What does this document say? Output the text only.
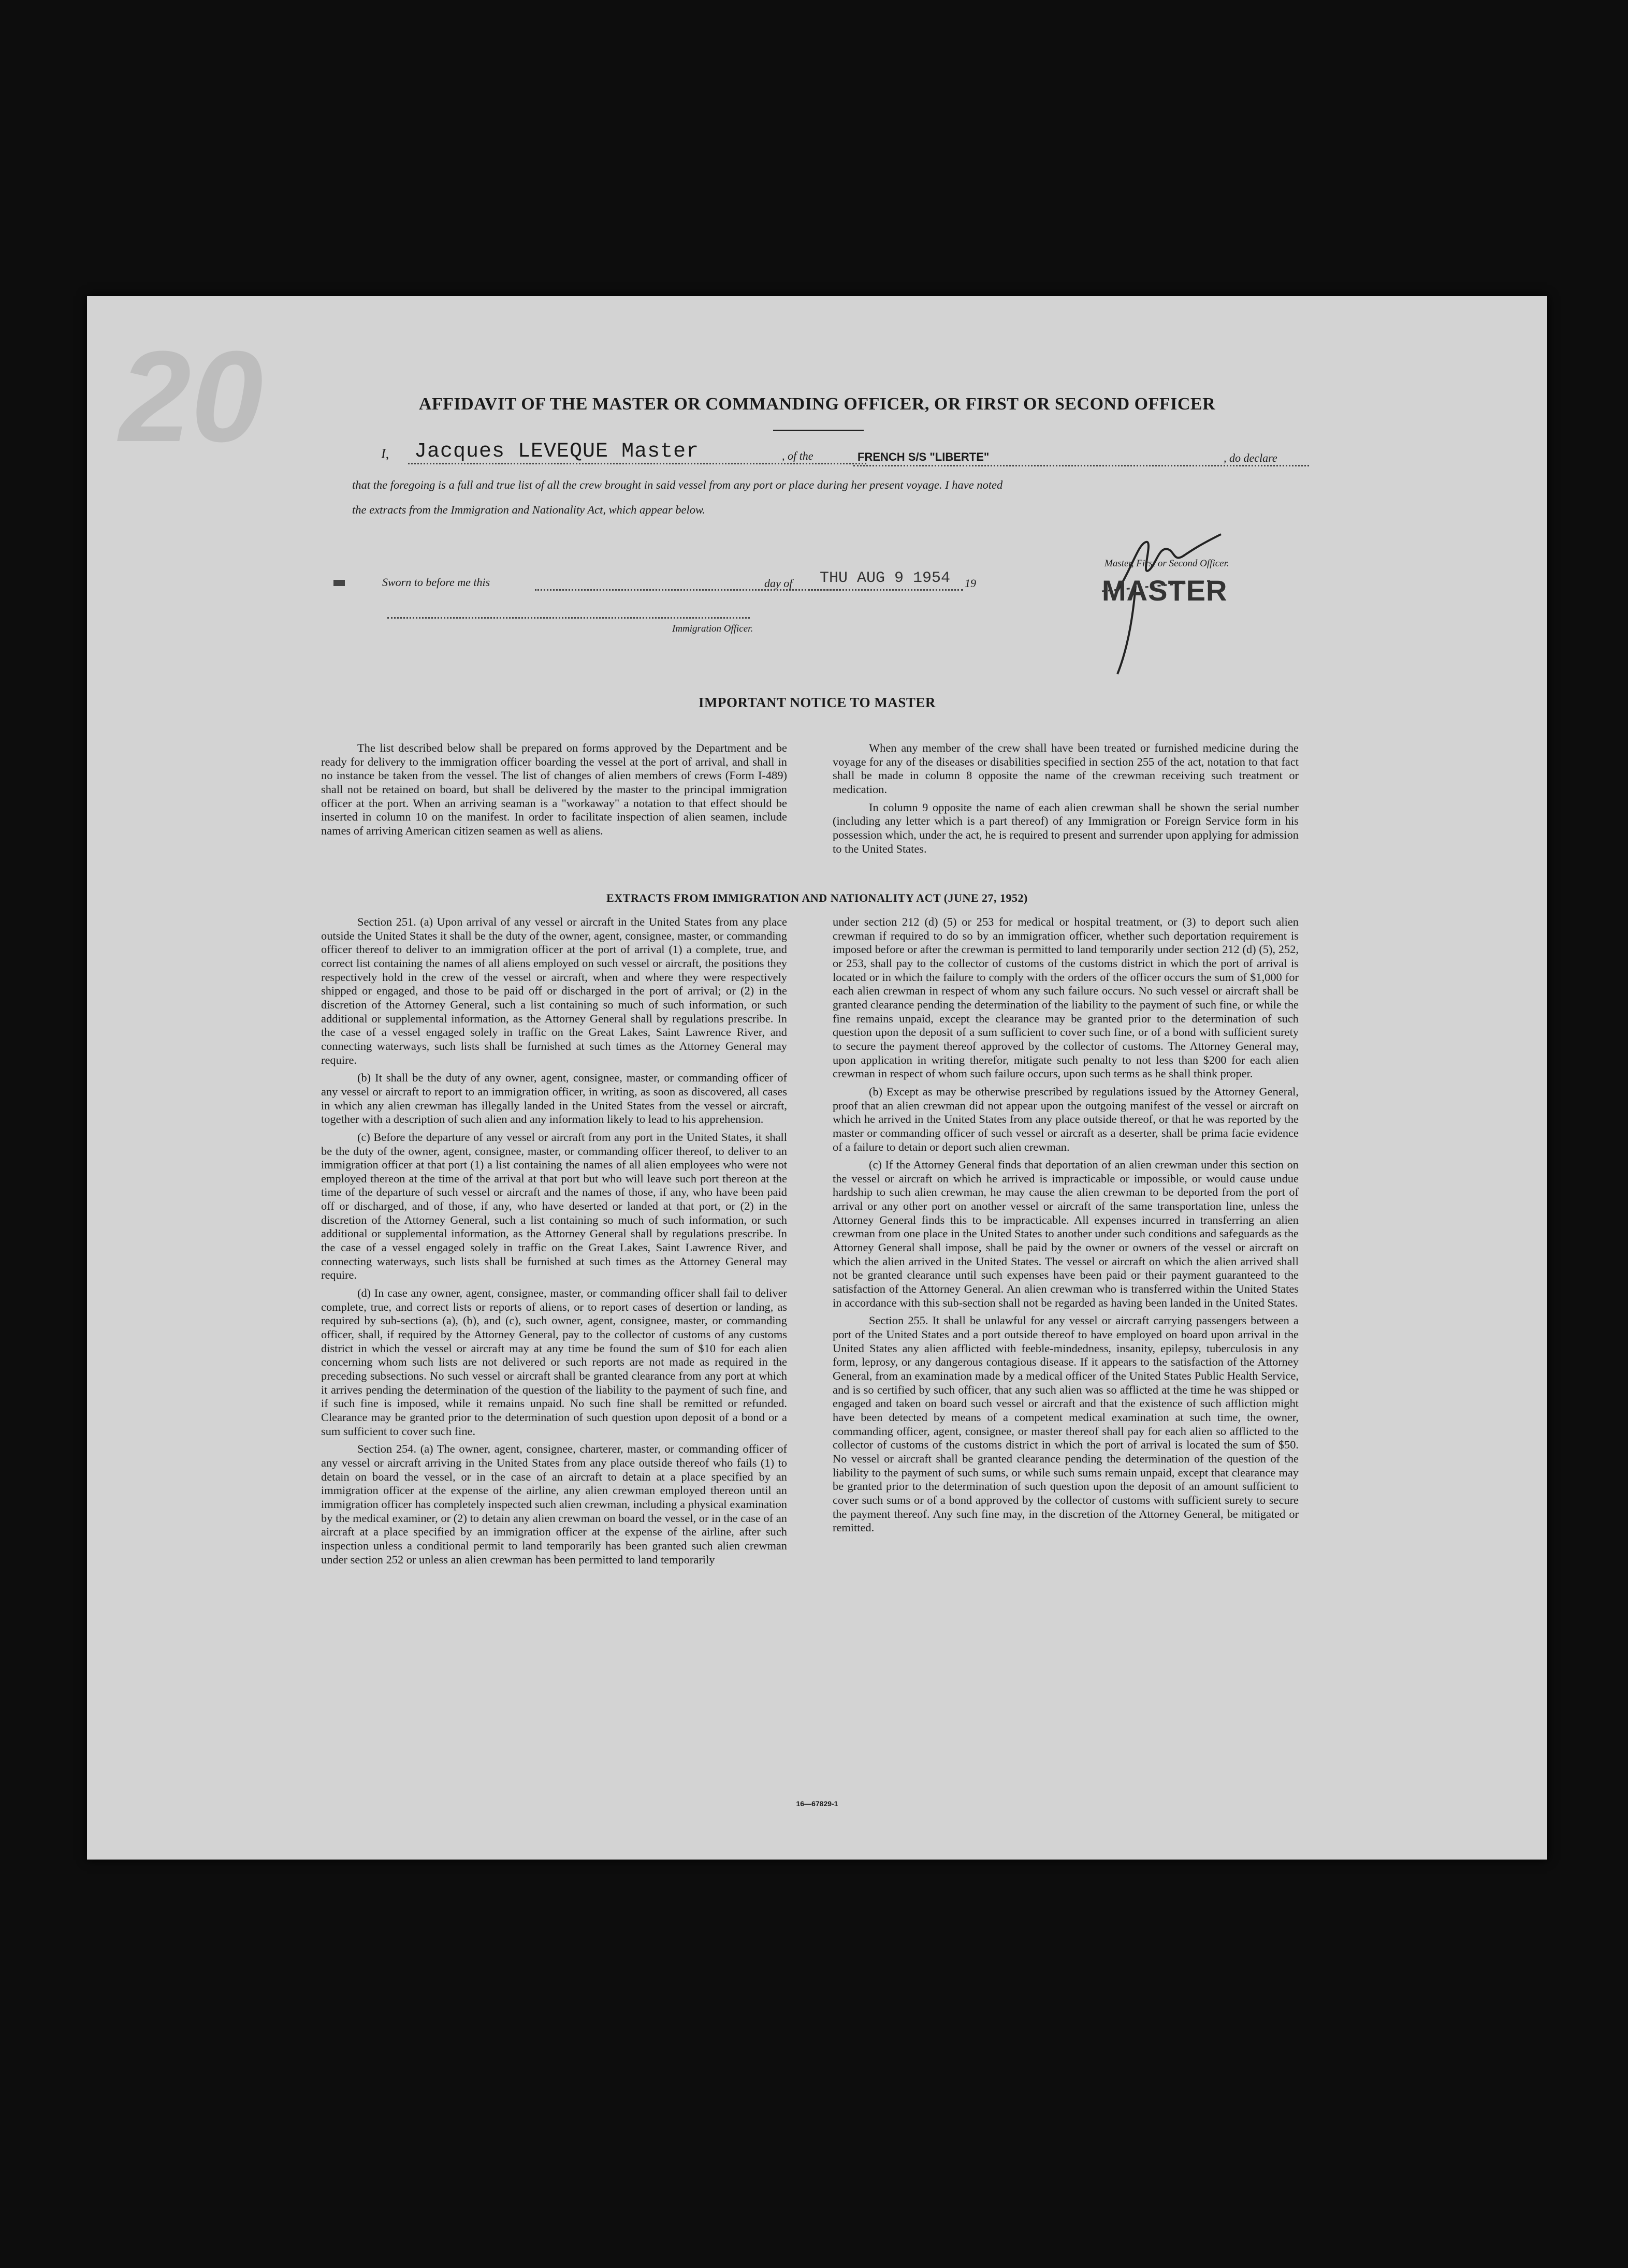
20	AFFIDAVIT OF THE MASTER OR COMMANDING OFFICER, OR FIRST OR SECOND OFFICER
I, Jacques LEVEQUE Master	, of the	FRENCH S/S "LIBERTE"	, do declare
that the foregoing is a full and true list of all the crew brought in said vessel from any port or place during her present voyage. I have noted
the extracts from the Immigration and Nationality Act, which appear below.
Master, First or Second Officer.
MASTER
Sworn to before me this	day of THU AUG 9 1954 19
Immigration Officer.
IMPORTANT NOTICE TO MASTER

The list described below shall be prepared on forms approved by the Department and be ready for delivery to the immigration officer boarding the vessel at the port of arrival, and shall in no instance be taken from the vessel. The list of changes of alien members of crews (Form I-489) shall not be retained on board, but shall be delivered by the master to the principal immigration officer at the port. When an arriving seaman is a "workaway" a notation to that effect should be inserted in column 10 on the manifest. In order to facilitate inspection of alien seamen, include names of arriving American citizen seamen as well as aliens.

When any member of the crew shall have been treated or furnished medicine during the voyage for any of the diseases or disabilities specified in section 255 of the act, notation to that fact shall be made in column 8 opposite the name of the crewman receiving such treatment or medication.

In column 9 opposite the name of each alien crewman shall be shown the serial number (including any letter which is a part thereof) of any Immigration or Foreign Service form in his possession which, under the act, he is required to present and surrender upon applying for admission to the United States.

EXTRACTS FROM IMMIGRATION AND NATIONALITY ACT (JUNE 27, 1952)

Section 251. (a) Upon arrival of any vessel or aircraft in the United States from any place outside the United States it shall be the duty of the owner, agent, consignee, master, or commanding officer thereof to deliver to an immigration officer at the port of arrival (1) a complete, true, and correct list containing the names of all aliens employed on such vessel or aircraft, the positions they respectively hold in the crew of the vessel or aircraft, when and where they were respectively shipped or engaged, and those to be paid off or discharged in the port of arrival; or (2) in the discretion of the Attorney General, such a list containing so much of such information, or such additional or supplemental information, as the Attorney General shall by regulations prescribe. In the case of a vessel engaged solely in traffic on the Great Lakes, Saint Lawrence River, and connecting waterways, such lists shall be furnished at such times as the Attorney General may require.

(b) It shall be the duty of any owner, agent, consignee, master, or commanding officer of any vessel or aircraft to report to an immigration officer, in writing, as soon as discovered, all cases in which any alien crewman has illegally landed in the United States from the vessel or aircraft, together with a description of such alien and any information likely to lead to his apprehension.

(c) Before the departure of any vessel or aircraft from any port in the United States, it shall be the duty of the owner, agent, consignee, master, or commanding officer thereof, to deliver to an immigration officer at that port (1) a list containing the names of all alien employees who were not employed thereon at the time of the arrival at that port but who will leave such port thereon at the time of the departure of such vessel or aircraft and the names of those, if any, who have been paid off or discharged, and of those, if any, who have deserted or landed at that port, or (2) in the discretion of the Attorney General, such a list containing so much of such information, or such additional or supplemental information, as the Attorney General shall by regulations prescribe. In the case of a vessel engaged solely in traffic on the Great Lakes, Saint Lawrence River, and connecting waterways, such lists shall be furnished at such times as the Attorney General may require.

(d) In case any owner, agent, consignee, master, or commanding officer shall fail to deliver complete, true, and correct lists or reports of aliens, or to report cases of desertion or landing, as required by sub-sections (a), (b), and (c), such owner, agent, consignee, master, or commanding officer, shall, if required by the Attorney General, pay to the collector of customs of any customs district in which the vessel or aircraft may at any time be found the sum of $10 for each alien concerning whom such lists are not delivered or such reports are not made as required in the preceding subsections. No such vessel or aircraft shall be granted clearance from any port at which it arrives pending the determination of the question of the liability to the payment of such fine, and if such fine is imposed, while it remains unpaid. No such fine shall be remitted or refunded. Clearance may be granted prior to the determination of such question upon deposit of a bond or a sum sufficient to cover such fine.

Section 254. (a) The owner, agent, consignee, charterer, master, or commanding officer of any vessel or aircraft arriving in the United States from any place outside thereof who fails (1) to detain on board the vessel, or in the case of an aircraft to detain at a place specified by an immigration officer at the expense of the airline, any alien crewman employed thereon until an immigration officer has completely inspected such alien crewman, including a physical examination by the medical examiner, or (2) to detain any alien crewman on board the vessel, or in the case of an aircraft at a place specified by an immigration officer at the expense of the airline, after such inspection unless a conditional permit to land temporarily has been granted such alien crewman under section 252 or unless an alien crewman has been permitted to land temporarily

under section 212 (d) (5) or 253 for medical or hospital treatment, or (3) to deport such alien crewman if required to do so by an immigration officer, whether such deportation requirement is imposed before or after the crewman is permitted to land temporarily under section 212 (d) (5), 252, or 253, shall pay to the collector of customs of the customs district in which the port of arrival is located or in which the failure to comply with the orders of the officer occurs the sum of $1,000 for each alien crewman in respect of whom any such failure occurs. No such vessel or aircraft shall be granted clearance pending the determination of the liability to the payment of such fine, or while the fine remains unpaid, except the clearance may be granted prior to the determination of such question upon the deposit of a sum sufficient to cover such fine, or of a bond with sufficient surety to secure the payment thereof approved by the collector of customs. The Attorney General may, upon application in writing therefor, mitigate such penalty to not less than $200 for each alien crewman in respect of whom such failure occurs, upon such terms as he shall think proper.

(b) Except as may be otherwise prescribed by regulations issued by the Attorney General, proof that an alien crewman did not appear upon the outgoing manifest of the vessel or aircraft on which he arrived in the United States from any place outside thereof, or that he was reported by the master or commanding officer of such vessel or aircraft as a deserter, shall be prima facie evidence of a failure to detain or deport such alien crewman.

(c) If the Attorney General finds that deportation of an alien crewman under this section on the vessel or aircraft on which he arrived is impracticable or impossible, or would cause undue hardship to such alien crewman, he may cause the alien crewman to be deported from the port of arrival or any other port on another vessel or aircraft of the same transportation line, unless the Attorney General finds this to be impracticable. All expenses incurred in transferring an alien crewman from one place in the United States to another under such conditions and safeguards as the Attorney General shall impose, shall be paid by the owner or owners of the vessel or aircraft on which the alien arrived in the United States. The vessel or aircraft on which the alien arrived shall not be granted clearance until such expenses have been paid or their payment guaranteed to the satisfaction of the Attorney General. An alien crewman who is transferred within the United States in accordance with this sub-section shall not be regarded as having been landed in the United States.

Section 255. It shall be unlawful for any vessel or aircraft carrying passengers between a port of the United States and a port outside thereof to have employed on board upon arrival in the United States any alien afflicted with feeble-mindedness, insanity, epilepsy, tuberculosis in any form, leprosy, or any dangerous contagious disease. If it appears to the satisfaction of the Attorney General, from an examination made by a medical officer of the United States Public Health Service, and is so certified by such officer, that any such alien was so afflicted at the time he was shipped or engaged and taken on board such vessel or aircraft and that the existence of such affliction might have been detected by means of a competent medical examination at such time, the owner, commanding officer, agent, consignee, or master thereof shall pay for each alien so afflicted to the collector of customs of the customs district in which the port of arrival is located the sum of $50. No vessel or aircraft shall be granted clearance pending the determination of the question of the liability to the payment of such sums, or while such sums remain unpaid, except that clearance may be granted prior to the determination of such question upon the deposit of an amount sufficient to cover such sums or of a bond approved by the collector of customs with sufficient surety to secure the payment thereof. Any such fine may, in the discretion of the Attorney General, be mitigated or remitted.

16—67829-1
